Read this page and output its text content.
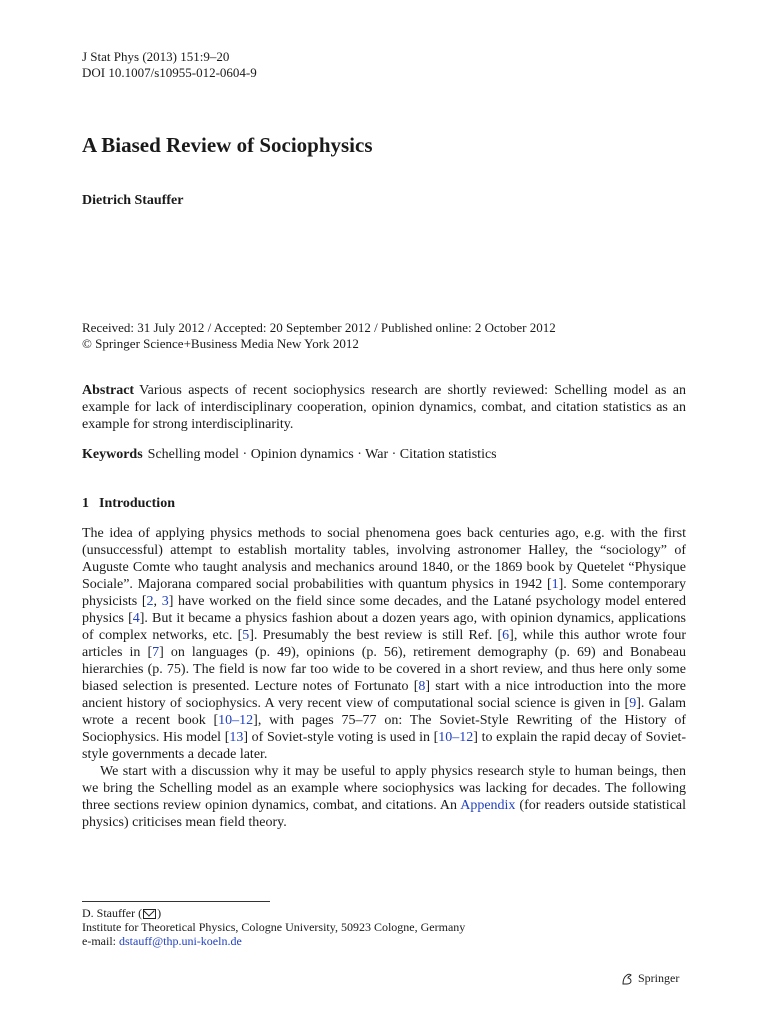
J Stat Phys (2013) 151:9–20
DOI 10.1007/s10955-012-0604-9
A Biased Review of Sociophysics
Dietrich Stauffer
Received: 31 July 2012 / Accepted: 20 September 2012 / Published online: 2 October 2012
© Springer Science+Business Media New York 2012
Abstract Various aspects of recent sociophysics research are shortly reviewed: Schelling model as an example for lack of interdisciplinary cooperation, opinion dynamics, combat, and citation statistics as an example for strong interdisciplinarity.
Keywords Schelling model · Opinion dynamics · War · Citation statistics
1 Introduction

The idea of applying physics methods to social phenomena goes back centuries ago, e.g. with the first (unsuccessful) attempt to establish mortality tables, involving astronomer Halley, the “sociology” of Auguste Comte who taught analysis and mechanics around 1840, or the 1869 book by Quetelet “Physique Sociale”. Majorana compared social probabilities with quantum physics in 1942 [1]. Some contemporary physicists [2, 3] have worked on the field since some decades, and the Latané psychology model entered physics [4]. But it became a physics fashion about a dozen years ago, with opinion dynamics, applications of complex networks, etc. [5]. Presumably the best review is still Ref. [6], while this author wrote four articles in [7] on languages (p. 49), opinions (p. 56), retirement demography (p. 69) and Bonabeau hierarchies (p. 75). The field is now far too wide to be covered in a short review, and thus here only some biased selection is presented. Lecture notes of Fortunato [8] start with a nice introduction into the more ancient history of sociophysics. A very recent view of computational social science is given in [9]. Galam wrote a recent book [10–12], with pages 75–77 on: The Soviet-Style Rewriting of the History of Sociophysics. His model [13] of Soviet-style voting is used in [10–12] to explain the rapid decay of Soviet-style governments a decade later.

We start with a discussion why it may be useful to apply physics research style to human beings, then we bring the Schelling model as an example where sociophysics was lacking for decades. The following three sections review opinion dynamics, combat, and citations. An Appendix (for readers outside statistical physics) criticises mean field theory.

D. Stauffer ( )
Institute for Theoretical Physics, Cologne University, 50923 Cologne, Germany
e-mail: dstauff@thp.uni-koeln.de
Springer
